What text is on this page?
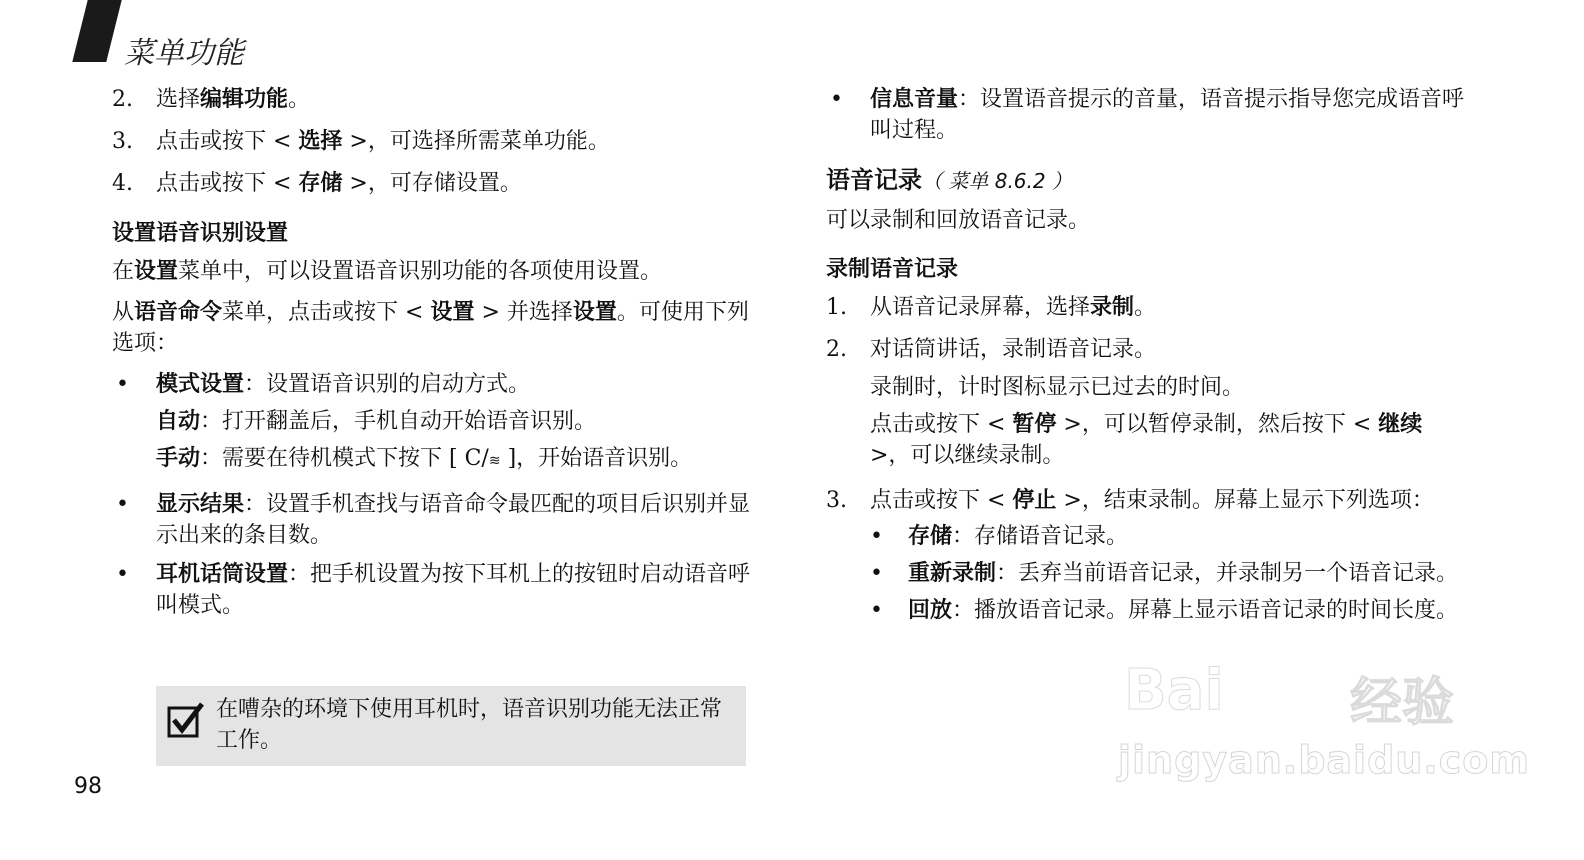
菜单功能
2.	选择编辑功能。
3.	点击或按下 < 选择 >，可选择所需菜单功能。
4.	点击或按下 < 存储 >，可存储设置。
设置语音识别设置

在设置菜单中，可以设置语音识别功能的各项使用设置。

从语音命令菜单，点击或按下 < 设置 > 并选择设置。可使用下列选项：

•	模式设置：设置语音识别的启动方式。
自动：打开翻盖后，手机自动开始语音识别。
手动：需要在待机模式下按下 [ C/≋ ]，开始语音识别。
•	显示结果：设置手机查找与语音命令最匹配的项目后识别并显示出来的条目数。
•	耳机话筒设置：把手机设置为按下耳机上的按钮时启动语音呼叫模式。
在嘈杂的环境下使用耳机时，语音识别功能无法正常工作。
98
•	信息音量：设置语音提示的音量，语音提示指导您完成语音呼叫过程。
语音记录（ 菜单 8.6.2 ）

可以录制和回放语音记录。

录制语音记录
1.	从语音记录屏幕，选择录制。
2.	对话筒讲话，录制语音记录。
录制时，计时图标显示已过去的时间。
点击或按下 < 暂停 >，可以暂停录制，然后按下 < 继续 >，可以继续录制。
3.	点击或按下 < 停止 >，结束录制。屏幕上显示下列选项：
•	存储：存储语音记录。
•	重新录制：丢弃当前语音记录，并录制另一个语音记录。
•	回放：播放语音记录。屏幕上显示语音记录的时间长度。
Bai 经验
jingyan.baidu.com
